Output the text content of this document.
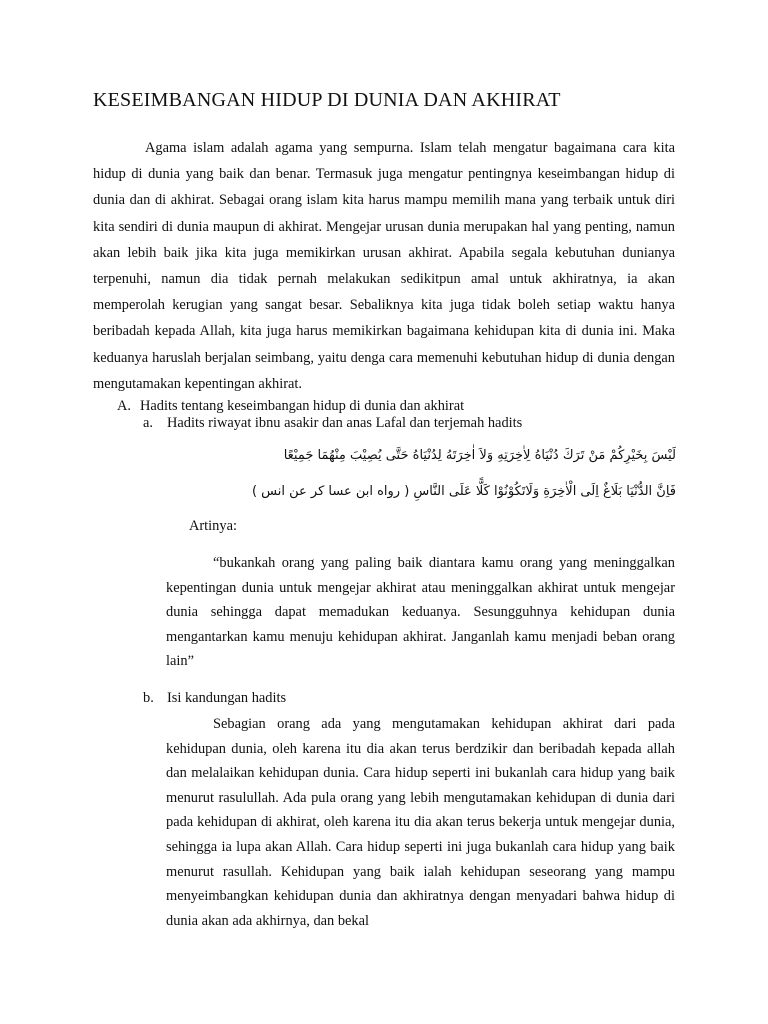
KESEIMBANGAN HIDUP DI DUNIA DAN AKHIRAT

Agama islam adalah agama yang sempurna. Islam telah mengatur bagaimana cara kita hidup di dunia yang baik dan benar. Termasuk juga mengatur pentingnya keseimbangan hidup di dunia dan di akhirat. Sebagai orang islam kita harus mampu memilih mana yang terbaik untuk diri kita sendiri di dunia maupun di akhirat. Mengejar urusan dunia merupakan hal yang penting, namun akan lebih baik jika kita juga memikirkan urusan akhirat. Apabila segala kebutuhan dunianya terpenuhi, namun dia tidak pernah melakukan sedikitpun amal untuk akhiratnya, ia akan memperolah kerugian yang sangat besar. Sebaliknya kita juga tidak boleh setiap waktu hanya beribadah kepada Allah, kita juga harus memikirkan bagaimana kehidupan kita di dunia ini. Maka keduanya haruslah berjalan seimbang, yaitu denga cara memenuhi kebutuhan hidup di dunia dengan mengutamakan kepentingan akhirat.

A. Hadits tentang keseimbangan hidup di dunia dan akhirat
a. Hadits riwayat ibnu asakir dan anas Lafal dan terjemah hadits
لَيْسَ بِخَيْرِكُمْ مَنْ تَرَكَ دُنْيَاهُ لِاٰخِرَتِهِ وَلاَ اٰخِرَتَهُ لِدُنْيَاهُ حَتَّى يُصِيْبَ مِنْهُمَا جَمِيْعًا
فَاِنَّ الدُّنْيَا بَلَاغٌ اِلَى الْاٰخِرَةِ وَلَاتَكُوْنُوْا كَلًّا عَلَى النَّاسِ ( رواه ابن عسا كر عن انس )
Artinya:

“bukankah orang yang paling baik diantara kamu orang yang meninggalkan kepentingan dunia untuk mengejar akhirat atau meninggalkan akhirat untuk mengejar dunia sehingga dapat memadukan keduanya. Sesungguhnya kehidupan dunia mengantarkan kamu menuju kehidupan akhirat. Janganlah kamu menjadi beban orang lain”

b. Isi kandungan hadits

Sebagian orang ada yang mengutamakan kehidupan akhirat dari pada kehidupan dunia, oleh karena itu dia akan terus berdzikir dan beribadah kepada allah dan melalaikan kehidupan dunia. Cara hidup seperti ini bukanlah cara hidup yang baik menurut rasulullah. Ada pula orang yang lebih mengutamakan kehidupan di dunia dari pada kehidupan di akhirat, oleh karena itu dia akan terus bekerja untuk mengejar dunia, sehingga ia lupa akan Allah. Cara hidup seperti ini juga bukanlah cara hidup yang baik menurut rasullah. Kehidupan yang baik ialah kehidupan seseorang yang mampu menyeimbangkan kehidupan dunia dan akhiratnya dengan menyadari bahwa hidup di dunia akan ada akhirnya, dan bekal
